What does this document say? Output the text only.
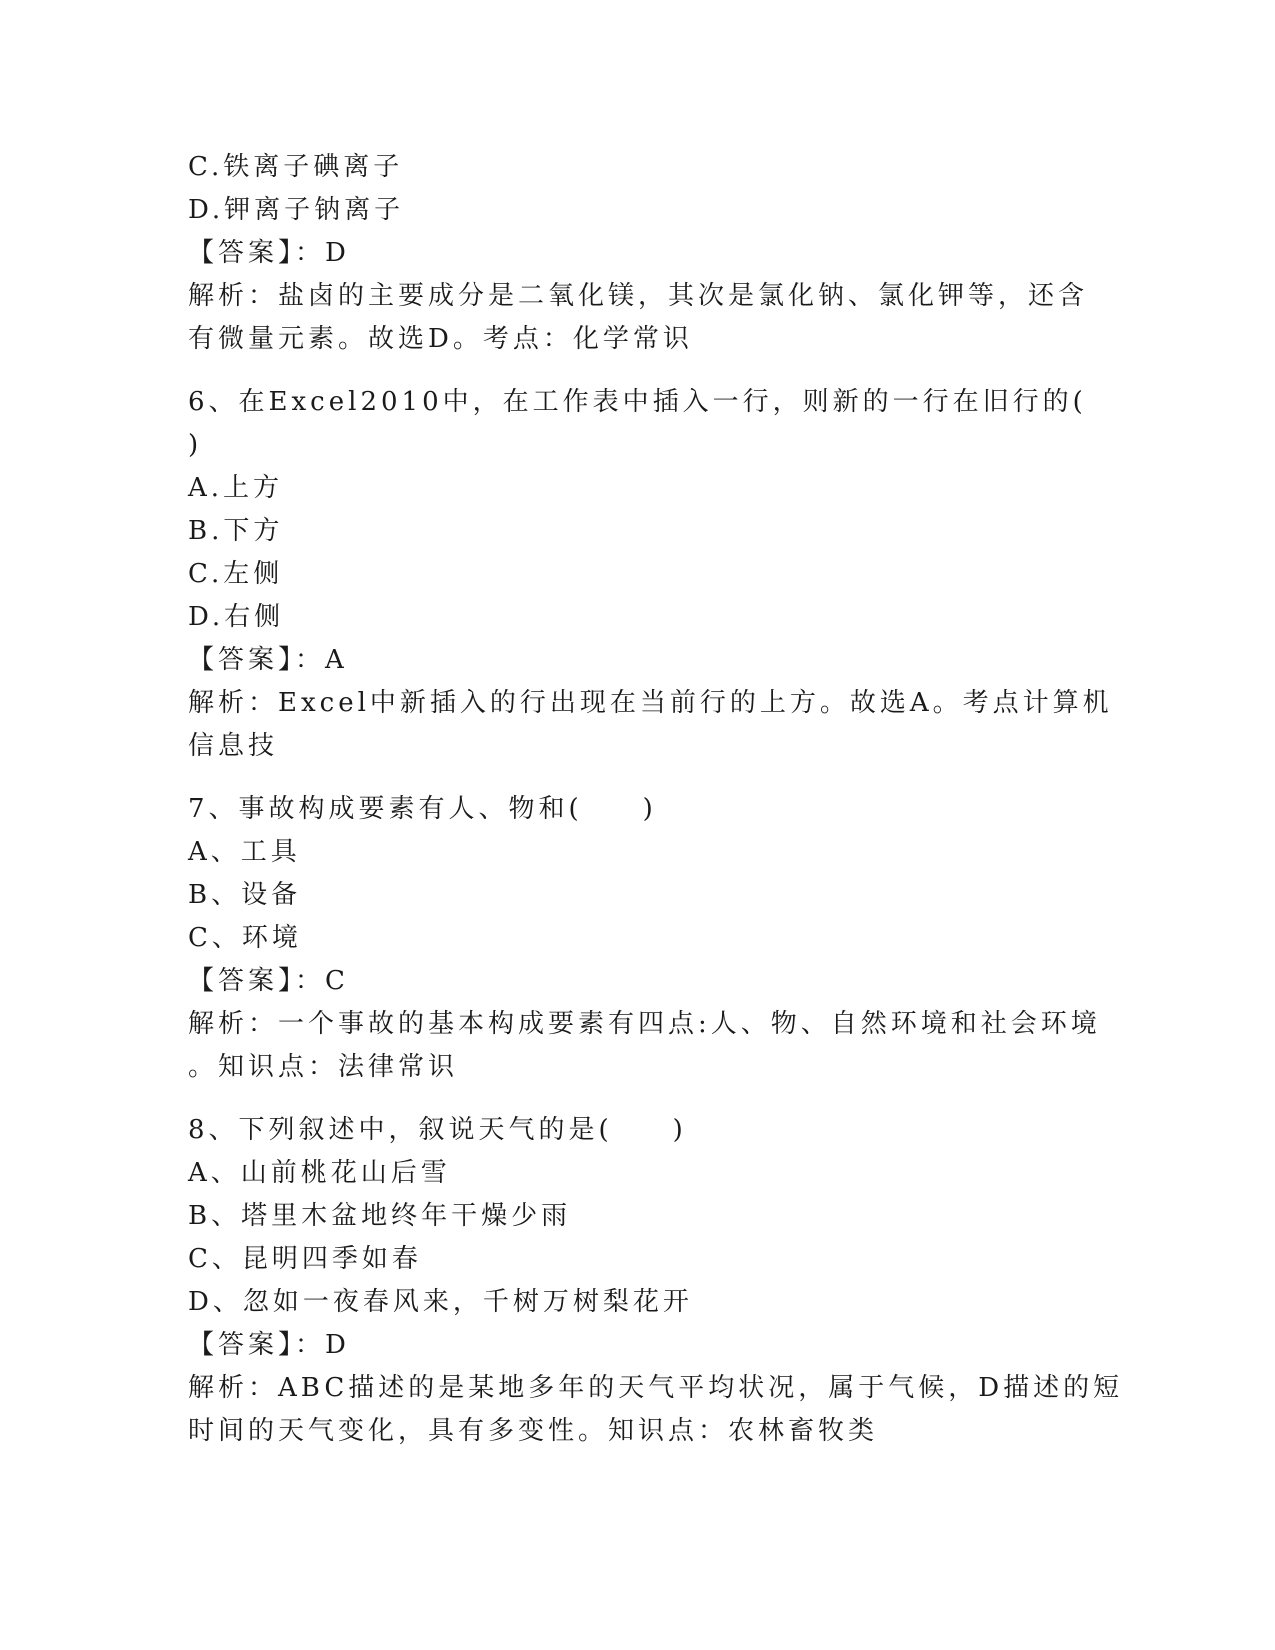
C.铁离子碘离子
D.钾离子钠离子
【答案】：D
解析：盐卤的主要成分是二氧化镁，其次是氯化钠、氯化钾等，还含
有微量元素。故选D。考点：化学常识
6、在Excel2010中，在工作表中插入一行，则新的一行在旧行的(
)
A.上方
B.下方
C.左侧
D.右侧
【答案】：A
解析：Excel中新插入的行出现在当前行的上方。故选A。考点计算机
信息技
7、事故构成要素有人、物和(　　)
A、工具
B、设备
C、环境
【答案】：C
解析：一个事故的基本构成要素有四点:人、物、自然环境和社会环境
。知识点：法律常识
8、下列叙述中，叙说天气的是(　　)
A、山前桃花山后雪
B、塔里木盆地终年干燥少雨
C、昆明四季如春
D、忽如一夜春风来，千树万树梨花开
【答案】：D
解析：ABC描述的是某地多年的天气平均状况，属于气候，D描述的短
时间的天气变化，具有多变性。知识点：农林畜牧类
